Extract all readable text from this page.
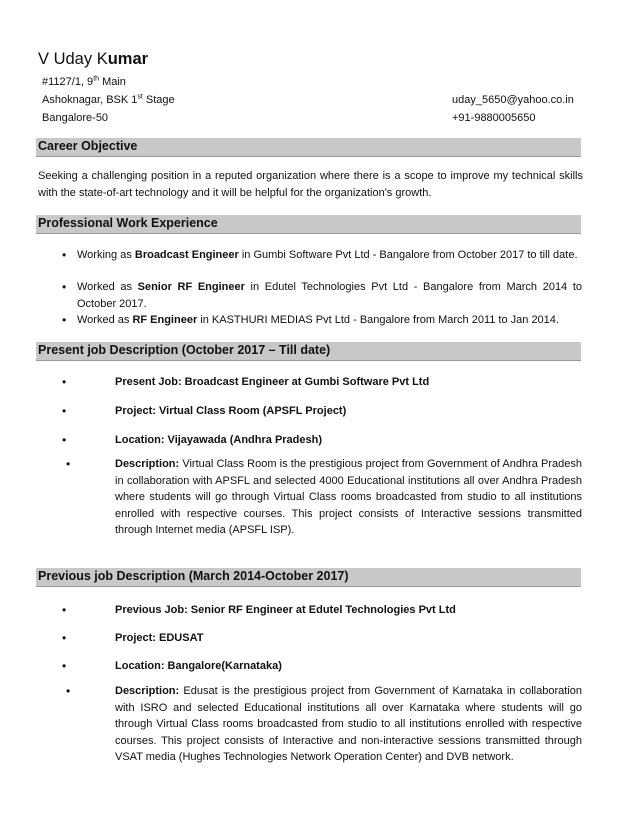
V Uday Kumar
#1127/1, 9th Main
Ashoknagar, BSK 1st Stage
Bangalore-50
uday_5650@yahoo.co.in
+91-9880005650
Career Objective
Seeking a challenging position in a reputed organization where there is a scope to improve my technical skills with the state-of-art technology and it will be helpful for the organization's growth.
Professional Work Experience
• Working as Broadcast Engineer in Gumbi Software Pvt Ltd - Bangalore from October 2017 to till date.
• Worked as Senior RF Engineer in Edutel Technologies Pvt Ltd - Bangalore from March 2014 to October 2017.
• Worked as RF Engineer in KASTHURI MEDIAS Pvt Ltd - Bangalore from March 2011 to Jan 2014.
Present job Description (October 2017 – Till date)
•	Present Job: Broadcast Engineer at Gumbi Software Pvt Ltd
•	Project: Virtual Class Room (APSFL Project)
•	Location: Vijayawada (Andhra Pradesh)
•	Description: Virtual Class Room is the prestigious project from Government of Andhra Pradesh in collaboration with APSFL and selected 4000 Educational institutions all over Andhra Pradesh where students will go through Virtual Class rooms broadcasted from studio to all institutions enrolled with respective courses. This project consists of Interactive sessions transmitted through Internet media (APSFL ISP).
Previous job Description (March 2014-October 2017)
•	Previous Job: Senior RF Engineer at Edutel Technologies Pvt Ltd
•	Project: EDUSAT
•	Location: Bangalore(Karnataka)
•	Description: Edusat is the prestigious project from Government of Karnataka in collaboration with ISRO and selected Educational institutions all over Karnataka where students will go through Virtual Class rooms broadcasted from studio to all institutions enrolled with respective courses. This project consists of Interactive and non-interactive sessions transmitted through VSAT media (Hughes Technologies Network Operation Center) and DVB network.
